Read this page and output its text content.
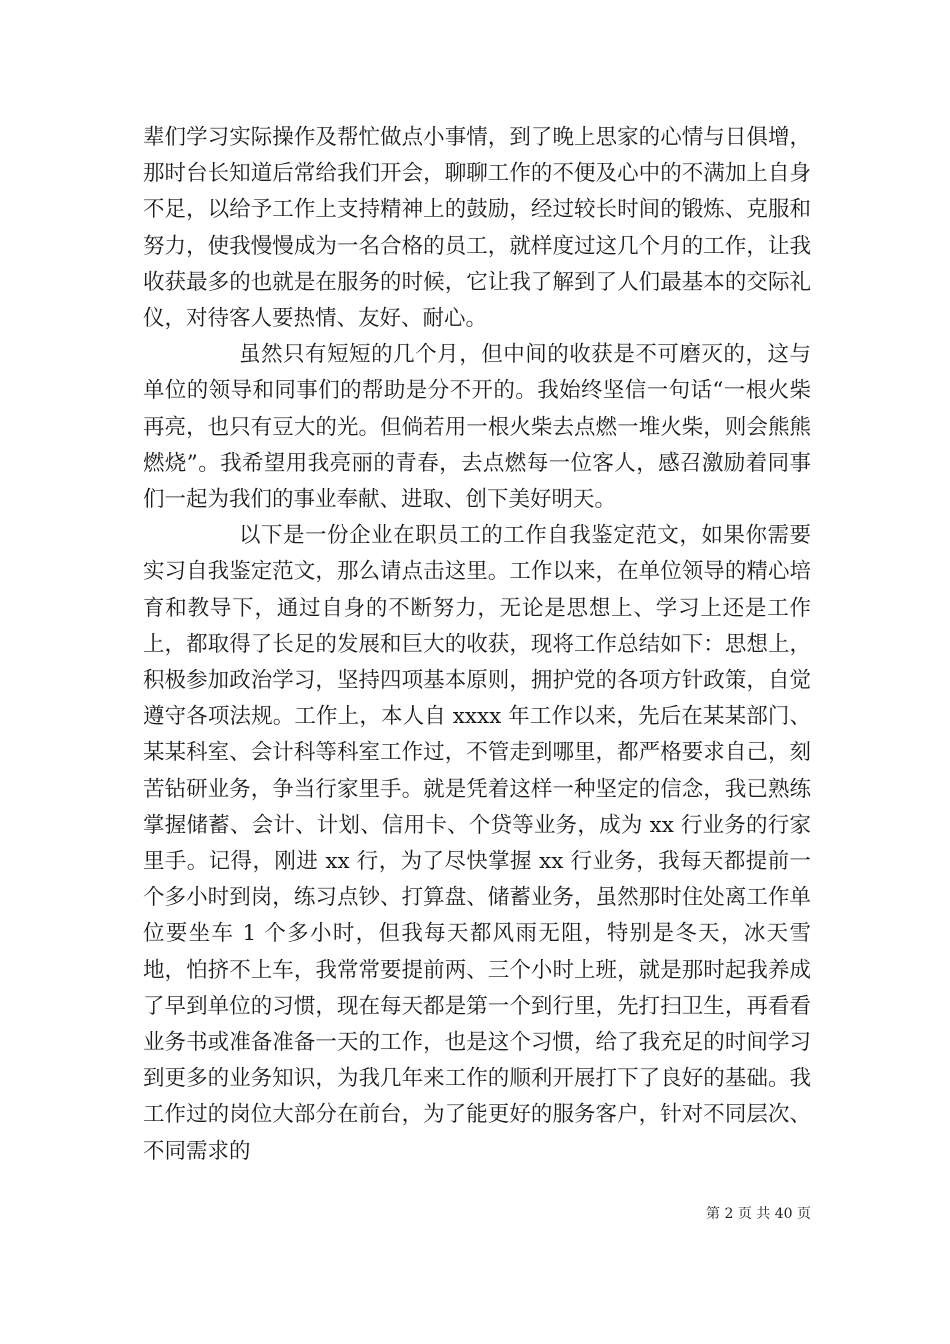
辈们学习实际操作及帮忙做点小事情，到了晚上思家的心情与日俱增，那时台长知道后常给我们开会，聊聊工作的不便及心中的不满加上自身不足，以给予工作上支持精神上的鼓励，经过较长时间的锻炼、克服和努力，使我慢慢成为一名合格的员工，就样度过这几个月的工作，让我收获最多的也就是在服务的时候，它让我了解到了人们最基本的交际礼仪，对待客人要热情、友好、耐心。

虽然只有短短的几个月，但中间的收获是不可磨灭的，这与单位的领导和同事们的帮助是分不开的。我始终坚信一句话“一根火柴再亮，也只有豆大的光。但倘若用一根火柴去点燃一堆火柴，则会熊熊燃烧”。我希望用我亮丽的青春，去点燃每一位客人，感召激励着同事们一起为我们的事业奉献、进取、创下美好明天。

以下是一份企业在职员工的工作自我鉴定范文，如果你需要实习自我鉴定范文，那么请点击这里。工作以来，在单位领导的精心培育和教导下，通过自身的不断努力，无论是思想上、学习上还是工作上，都取得了长足的发展和巨大的收获，现将工作总结如下：思想上，积极参加政治学习，坚持四项基本原则，拥护党的各项方针政策，自觉遵守各项法规。工作上，本人自 xxxx 年工作以来，先后在某某部门、某某科室、会计科等科室工作过，不管走到哪里，都严格要求自己，刻苦钻研业务，争当行家里手。就是凭着这样一种坚定的信念，我已熟练掌握储蓄、会计、计划、信用卡、个贷等业务，成为 xx 行业务的行家里手。记得，刚进 xx 行，为了尽快掌握 xx 行业务，我每天都提前一个多小时到岗，练习点钞、打算盘、储蓄业务，虽然那时住处离工作单位要坐车 1 个多小时，但我每天都风雨无阻，特别是冬天，冰天雪地，怕挤不上车，我常常要提前两、三个小时上班，就是那时起我养成了早到单位的习惯，现在每天都是第一个到行里，先打扫卫生，再看看业务书或准备准备一天的工作，也是这个习惯，给了我充足的时间学习到更多的业务知识，为我几年来工作的顺利开展打下了良好的基础。我工作过的岗位大部分在前台，为了能更好的服务客户，针对不同层次、不同需求的

第 2 页 共 40 页
